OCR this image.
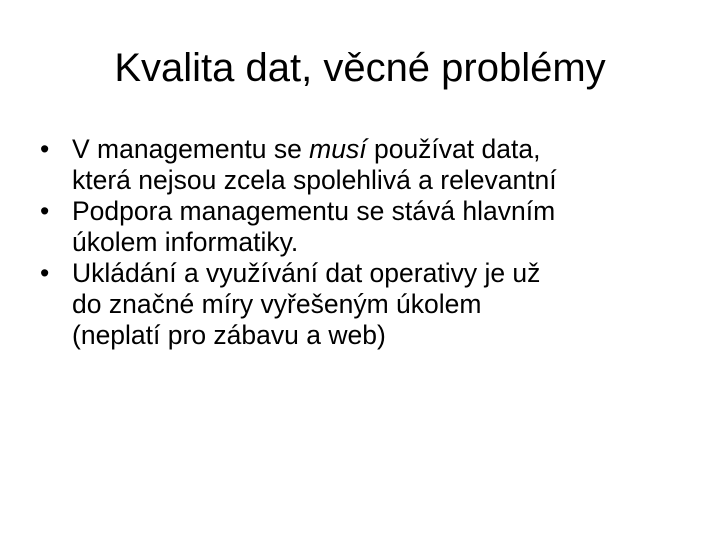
Kvalita dat, věcné problémy
• V managementu se musí používat data,
která nejsou zcela spolehlivá a relevantní
• Podpora managementu se stává hlavním
úkolem informatiky.
• Ukládání a využívání dat operativy je už
do značné míry vyřešeným úkolem
(neplatí pro zábavu a web)
